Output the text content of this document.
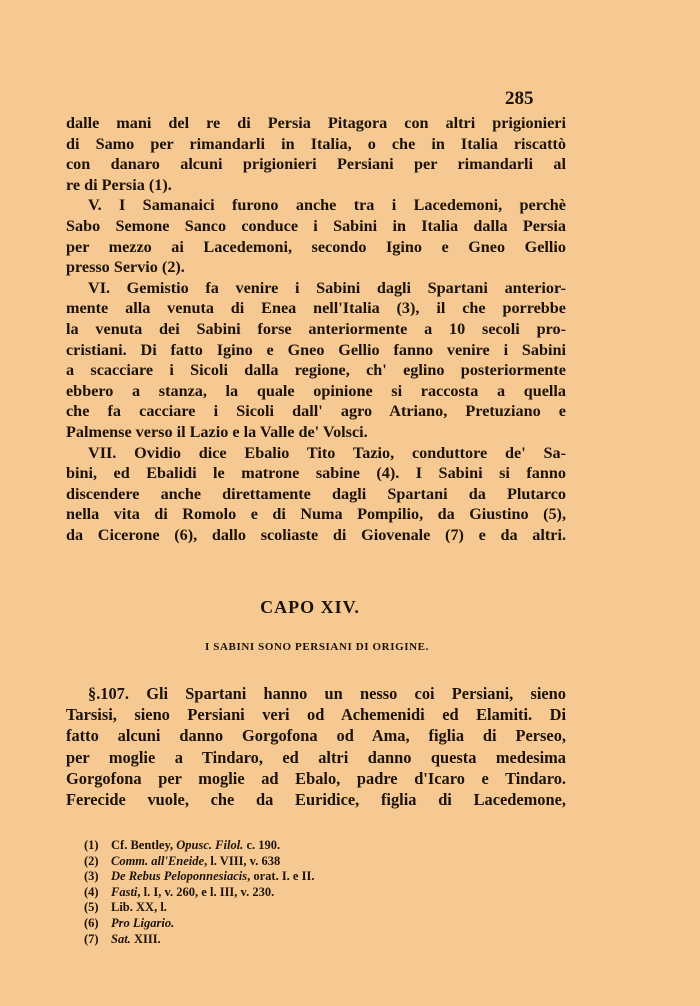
285
dalle mani del re di Persia Pitagora con altri prigionieri
di Samo per rimandarli in Italia, o che in Italia riscattò
con danaro alcuni prigionieri Persiani per rimandarli al
re di Persia (1).
V. I Samanaici furono anche tra i Lacedemoni, perchè
Sabo Semone Sanco conduce i Sabini in Italia dalla Persia
per mezzo ai Lacedemoni, secondo Igino e Gneo Gellio
presso Servio (2).
VI. Gemistio fa venire i Sabini dagli Spartani anterior-
mente alla venuta di Enea nell'Italia (3), il che porrebbe
la venuta dei Sabini forse anteriormente a 10 secoli pro-
cristiani. Di fatto Igino e Gneo Gellio fanno venire i Sabini
a scacciare i Sicoli dalla regione, ch' eglino posteriormente
ebbero a stanza, la quale opinione si raccosta a quella
che fa cacciare i Sicoli dall' agro Atriano, Pretuziano e
Palmense verso il Lazio e la Valle de' Volsci.
VII. Ovidio dice Ebalio Tito Tazio, conduttore de' Sa-
bini, ed Ebalidi le matrone sabine (4). I Sabini si fanno
discendere anche direttamente dagli Spartani da Plutarco
nella vita di Romolo e di Numa Pompilio, da Giustino (5),
da Cicerone (6), dallo scoliaste di Giovenale (7) e da altri.
CAPO XIV.
I SABINI SONO PERSIANI DI ORIGINE.
§.107. Gli Spartani hanno un nesso coi Persiani, sieno
Tarsisi, sieno Persiani veri od Achemenidi ed Elamiti. Di
fatto alcuni danno Gorgofona od Ama, figlia di Perseo,
per moglie a Tindaro, ed altri danno questa medesima
Gorgofona per moglie ad Ebalo, padre d'Icaro e Tindaro.
Ferecide vuole, che da Euridice, figlia di Lacedemone,
(1) Cf. Bentley, Opusc. Filol. c. 190.
(2) Comm. all'Eneide, l. VIII, v. 638
(3) De Rebus Peloponnesiacis, orat. I. e II.
(4) Fasti, l. I, v. 260, e l. III, v. 230.
(5) Lib. XX, l.
(6) Pro Ligario.
(7) Sat. XIII.
